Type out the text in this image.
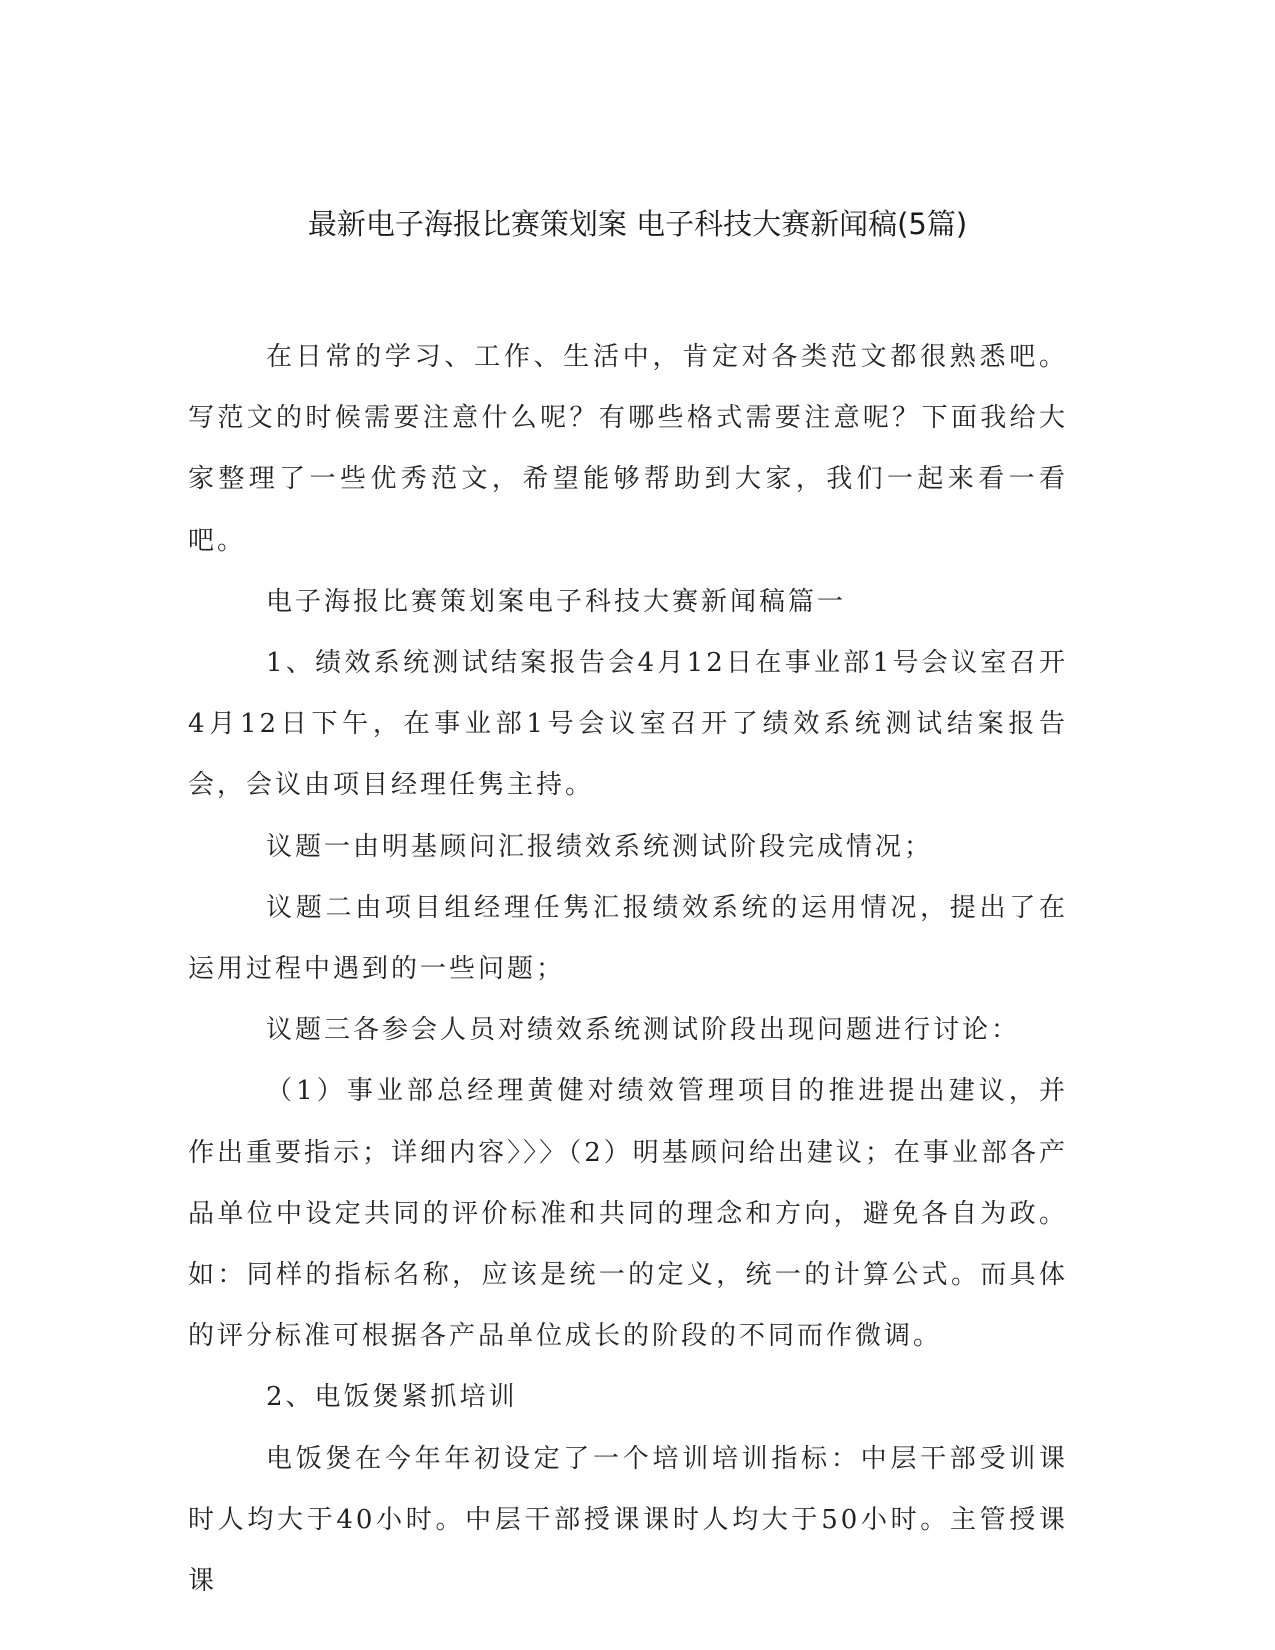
最新电子海报比赛策划案 电子科技大赛新闻稿(5篇)

在日常的学习、工作、生活中，肯定对各类范文都很熟悉吧。写范文的时候需要注意什么呢？有哪些格式需要注意呢？下面我给大家整理了一些优秀范文，希望能够帮助到大家，我们一起来看一看吧。

电子海报比赛策划案电子科技大赛新闻稿篇一

1、绩效系统测试结案报告会4月12日在事业部1号会议室召开4月12日下午，在事业部1号会议室召开了绩效系统测试结案报告会，会议由项目经理任隽主持。

议题一由明基顾问汇报绩效系统测试阶段完成情况；

议题二由项目组经理任隽汇报绩效系统的运用情况，提出了在运用过程中遇到的一些问题；

议题三各参会人员对绩效系统测试阶段出现问题进行讨论：

（1）事业部总经理黄健对绩效管理项目的推进提出建议，并作出重要指示；详细内容〉〉〉（2）明基顾问给出建议；在事业部各产品单位中设定共同的评价标准和共同的理念和方向，避免各自为政。如：同样的指标名称，应该是统一的定义，统一的计算公式。而具体的评分标准可根据各产品单位成长的阶段的不同而作微调。

2、电饭煲紧抓培训

电饭煲在今年年初设定了一个培训培训指标：中层干部受训课时人均大于40小时。中层干部授课课时人均大于50小时。主管授课课
